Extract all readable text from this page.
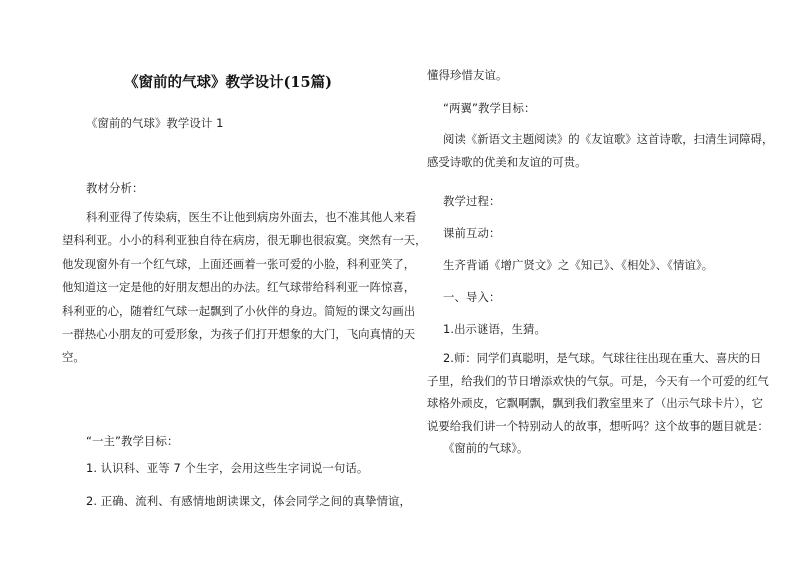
《窗前的气球》教学设计(15篇)
《窗前的气球》教学设计 1
教材分析：
科利亚得了传染病，医生不让他到病房外面去，也不准其他人来看
望科利亚。小小的科利亚独自待在病房，很无聊也很寂寞。突然有一天，
他发现窗外有一个红气球，上面还画着一张可爱的小脸，科利亚笑了，
他知道这一定是他的好朋友想出的办法。红气球带给科利亚一阵惊喜，
科利亚的心，随着红气球一起飘到了小伙伴的身边。简短的课文勾画出
一群热心小朋友的可爱形象，为孩子们打开想象的大门，飞向真情的天
空。
“一主”教学目标：
1. 认识科、亚等 7 个生字，会用这些生字词说一句话。
2. 正确、流利、有感情地朗读课文，体会同学之间的真挚情谊，
懂得珍惜友谊。
“两翼”教学目标：
阅读《新语文主题阅读》的《友谊歌》这首诗歌，扫清生词障碍，
感受诗歌的优美和友谊的可贵。
教学过程：
课前互动：
生齐背诵《增广贤文》之《知己》、《相处》、《情谊》。
一、导入：
1.出示谜语，生猜。
2.师：同学们真聪明，是气球。气球往往出现在重大、喜庆的日
子里，给我们的节日增添欢快的气氛。可是，今天有一个可爱的红气
球格外顽皮，它飘啊飘，飘到我们教室里来了（出示气球卡片），它
说要给我们讲一个特别动人的故事，想听吗？这个故事的题目就是：
《窗前的气球》。
